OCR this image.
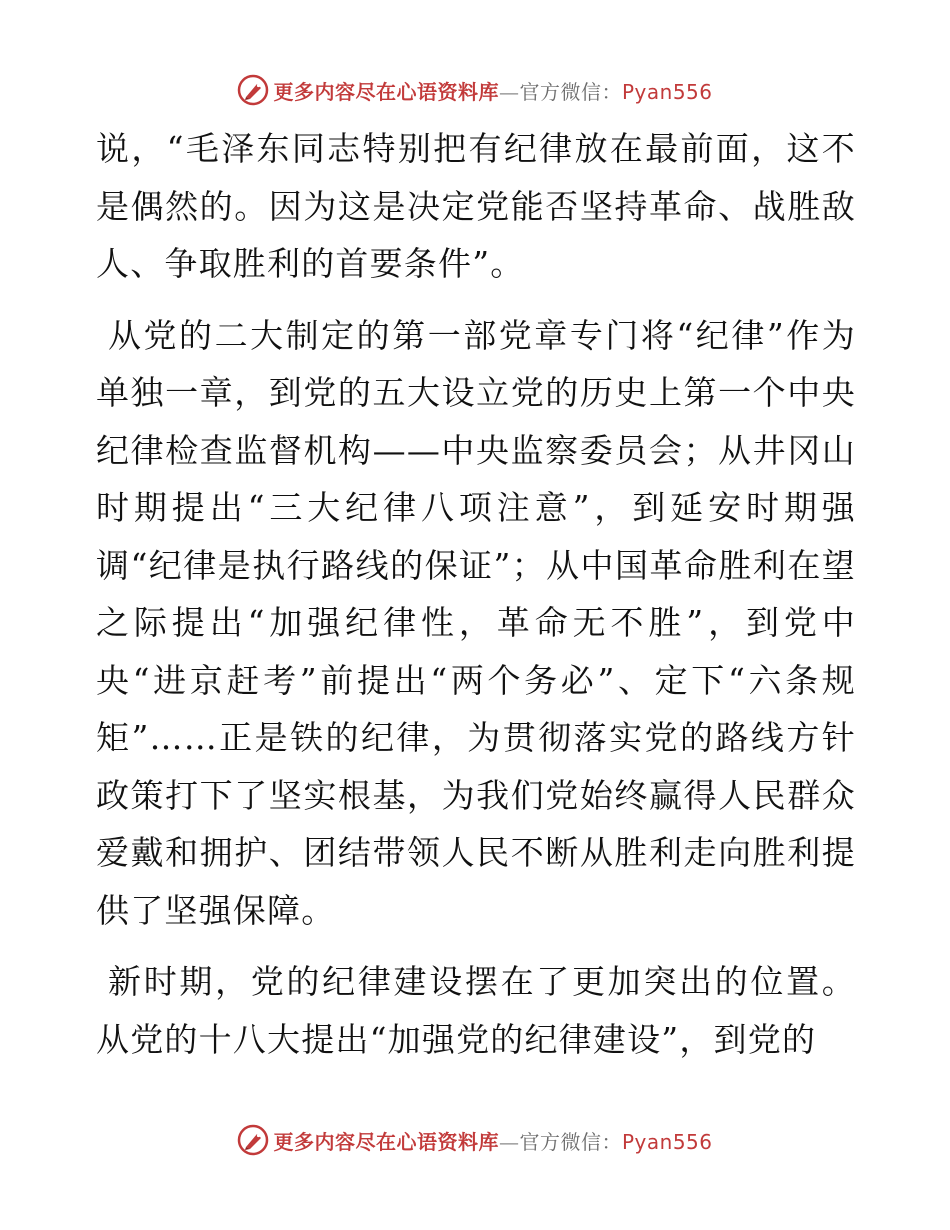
更多内容尽在心语资料库—官方微信：Pyan556

说，“毛泽东同志特别把有纪律放在最前面，这不是偶然的。因为这是决定党能否坚持革命、战胜敌人、争取胜利的首要条件”。

从党的二大制定的第一部党章专门将“纪律”作为单独一章，到党的五大设立党的历史上第一个中央纪律检查监督机构——中央监察委员会；从井冈山时期提出“三大纪律八项注意”，到延安时期强调“纪律是执行路线的保证”；从中国革命胜利在望之际提出“加强纪律性，革命无不胜”，到党中央“进京赶考”前提出“两个务必”、定下“六条规矩”……正是铁的纪律，为贯彻落实党的路线方针政策打下了坚实根基，为我们党始终赢得人民群众爱戴和拥护、团结带领人民不断从胜利走向胜利提供了坚强保障。

新时期，党的纪律建设摆在了更加突出的位置。从党的十八大提出“加强党的纪律建设”，到党的

更多内容尽在心语资料库—官方微信：Pyan556
